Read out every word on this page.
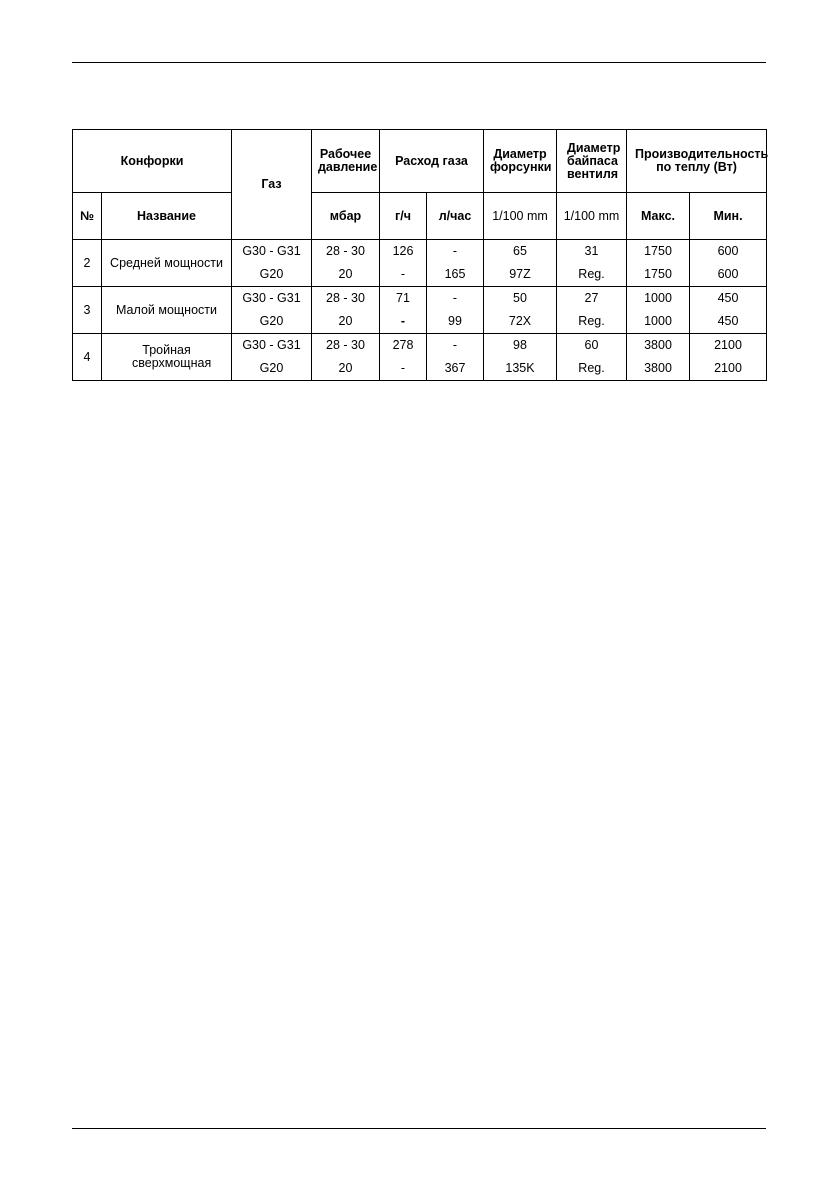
Конфорки		Газ	Рабочее давление	Расход газа		Диаметр форсунки	Диаметр байпаса вентиля	Производительность по теплу (Вт)	
№	Название		мбар	г/ч	л/час	1/100 mm	1/100 mm	Макс.	Мин.
2	Средней мощности	G30 - G31	28 - 30	126	-	65	31	1750	600
		G20	20	-	165	97Z	Reg.	1750	600
3	Малой мощности	G30 - G31	28 - 30	71	-	50	27	1000	450
		G20	20	-	99	72X	Reg.	1000	450
4	Тройная сверхмощная	G30 - G31	28 - 30	278	-	98	60	3800	2100
		G20	20	-	367	135K	Reg.	3800	2100
